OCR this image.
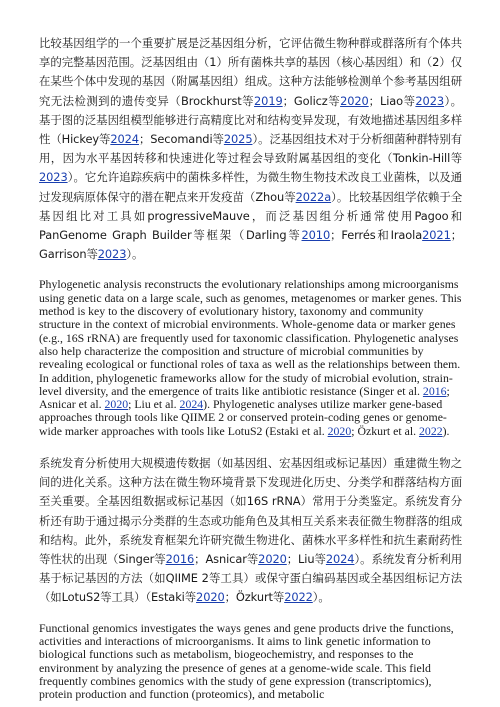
比较基因组学的一个重要扩展是泛基因组分析，它评估微生物种群或群落所有个体共享的完整基因范围。泛基因组由（1）所有菌株共享的基因（核心基因组）和（2）仅在某些个体中发现的基因（附属基因组）组成。这种方法能够检测单个参考基因组研究无法检测到的遗传变异（Brockhurst等2019；Golicz等2020；Liao等2023）。基于图的泛基因组模型能够进行高精度比对和结构变异发现，有效地描述基因组多样性（Hickey等2024；Secomandi等2025）。泛基因组技术对于分析细菌种群特别有用，因为水平基因转移和快速进化等过程会导致附属基因组的变化（Tonkin-Hill等2023）。它允许追踪疾病中的菌株多样性，为微生物生物技术改良工业菌株，以及通过发现病原体保守的潜在靶点来开发疫苗（Zhou等2022a）。比较基因组学依赖于全基因组比对工具如progressiveMauve，而泛基因组分析通常使用Pagoo和PanGenome Graph Builder等框架（Darling等2010；Ferrés和Iraola2021；Garrison等2023）。

Phylogenetic analysis reconstructs the evolutionary relationships among microorganisms using genetic data on a large scale, such as genomes, metagenomes or marker genes. This method is key to the discovery of evolutionary history, taxonomy and community structure in the context of microbial environments. Whole-genome data or marker genes (e.g., 16S rRNA) are frequently used for taxonomic classification. Phylogenetic analyses also help characterize the composition and structure of microbial communities by revealing ecological or functional roles of taxa as well as the relationships between them. In addition, phylogenetic frameworks allow for the study of microbial evolution, strain-level diversity, and the emergence of traits like antibiotic resistance (Singer et al. 2016; Asnicar et al. 2020; Liu et al. 2024). Phylogenetic analyses utilize marker gene-based approaches through tools like QIIME 2 or conserved protein-coding genes or genome-wide marker approaches with tools like LotuS2 (Estaki et al. 2020; Özkurt et al. 2022).

系统发育分析使用大规模遗传数据（如基因组、宏基因组或标记基因）重建微生物之间的进化关系。这种方法在微生物环境背景下发现进化历史、分类学和群落结构方面至关重要。全基因组数据或标记基因（如16S rRNA）常用于分类鉴定。系统发育分析还有助于通过揭示分类群的生态或功能角色及其相互关系来表征微生物群落的组成和结构。此外，系统发育框架允许研究微生物进化、菌株水平多样性和抗生素耐药性等性状的出现（Singer等2016；Asnicar等2020；Liu等2024）。系统发育分析利用基于标记基因的方法（如QIIME 2等工具）或保守蛋白编码基因或全基因组标记方法（如LotuS2等工具）（Estaki等2020；Özkurt等2022）。

Functional genomics investigates the ways genes and gene products drive the functions, activities and interactions of microorganisms. It aims to link genetic information to biological functions such as metabolism, biogeochemistry, and responses to the environment by analyzing the presence of genes at a genome-wide scale. This field frequently combines genomics with the study of gene expression (transcriptomics), protein production and function (proteomics), and metabolic
